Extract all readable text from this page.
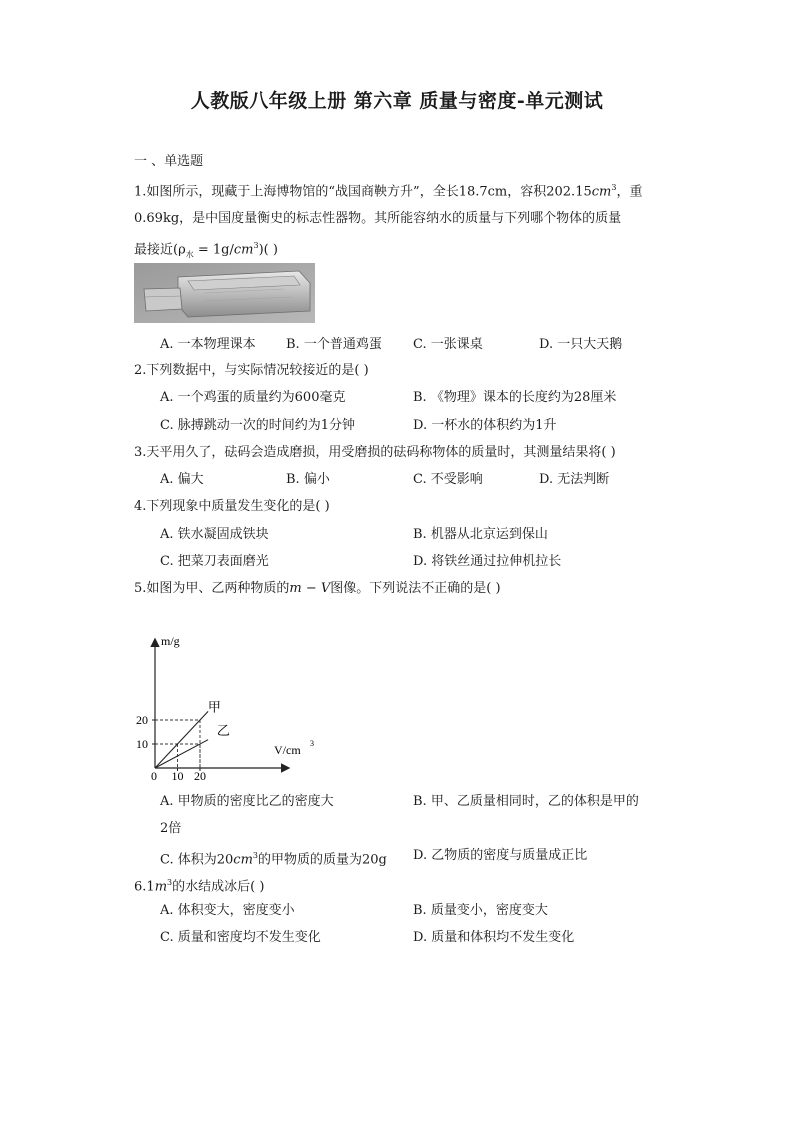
人教版八年级上册 第六章 质量与密度-单元测试
一 、单选题
1.如图所示，现藏于上海博物馆的“战国商鞅方升”，全长18.7cm，容积$202.15cm^3$，重
0.69kg，是中国度量衡史的标志性器物。其所能容纳水的质量与下列哪个物体的质量
最接近$(\rho_水 = 1g/cm^3)$( )
A. 一本物理课本 B. 一个普通鸡蛋 C. 一张课桌	D. 一只大天鹅
2.下列数据中，与实际情况较接近的是( )
A. 一个鸡蛋的质量约为600毫克	B. 《物理》课本的长度约为28厘米
C. 脉搏跳动一次的时间约为1分钟	D. 一杯水的体积约为1升
3.天平用久了，砝码会造成磨损，用受磨损的砝码称物体的质量时，其测量结果将( )
A. 偏大	B. 偏小	C. 不受影响	D. 无法判断
4.下列现象中质量发生变化的是( )
A. 铁水凝固成铁块	B. 机器从北京运到保山
C. 把菜刀表面磨光	D. 将铁丝通过拉伸机拉长
5.如图为甲、乙两种物质的m − V图像。下列说法不正确的是( )
甲
乙
10 20
10
20
m/g
V/cm 3
0
A. 甲物质的密度比乙的密度大	B. 甲、乙质量相同时，乙的体积是甲的
2倍
C. 体积为$20cm^3$的甲物质的质量为20g D. 乙物质的密度与质量成正比
$6.1m^3$的水结成冰后( )
A. 体积变大，密度变小	B. 质量变小，密度变大
C. 质量和密度均不发生变化	D. 质量和体积均不发生变化
